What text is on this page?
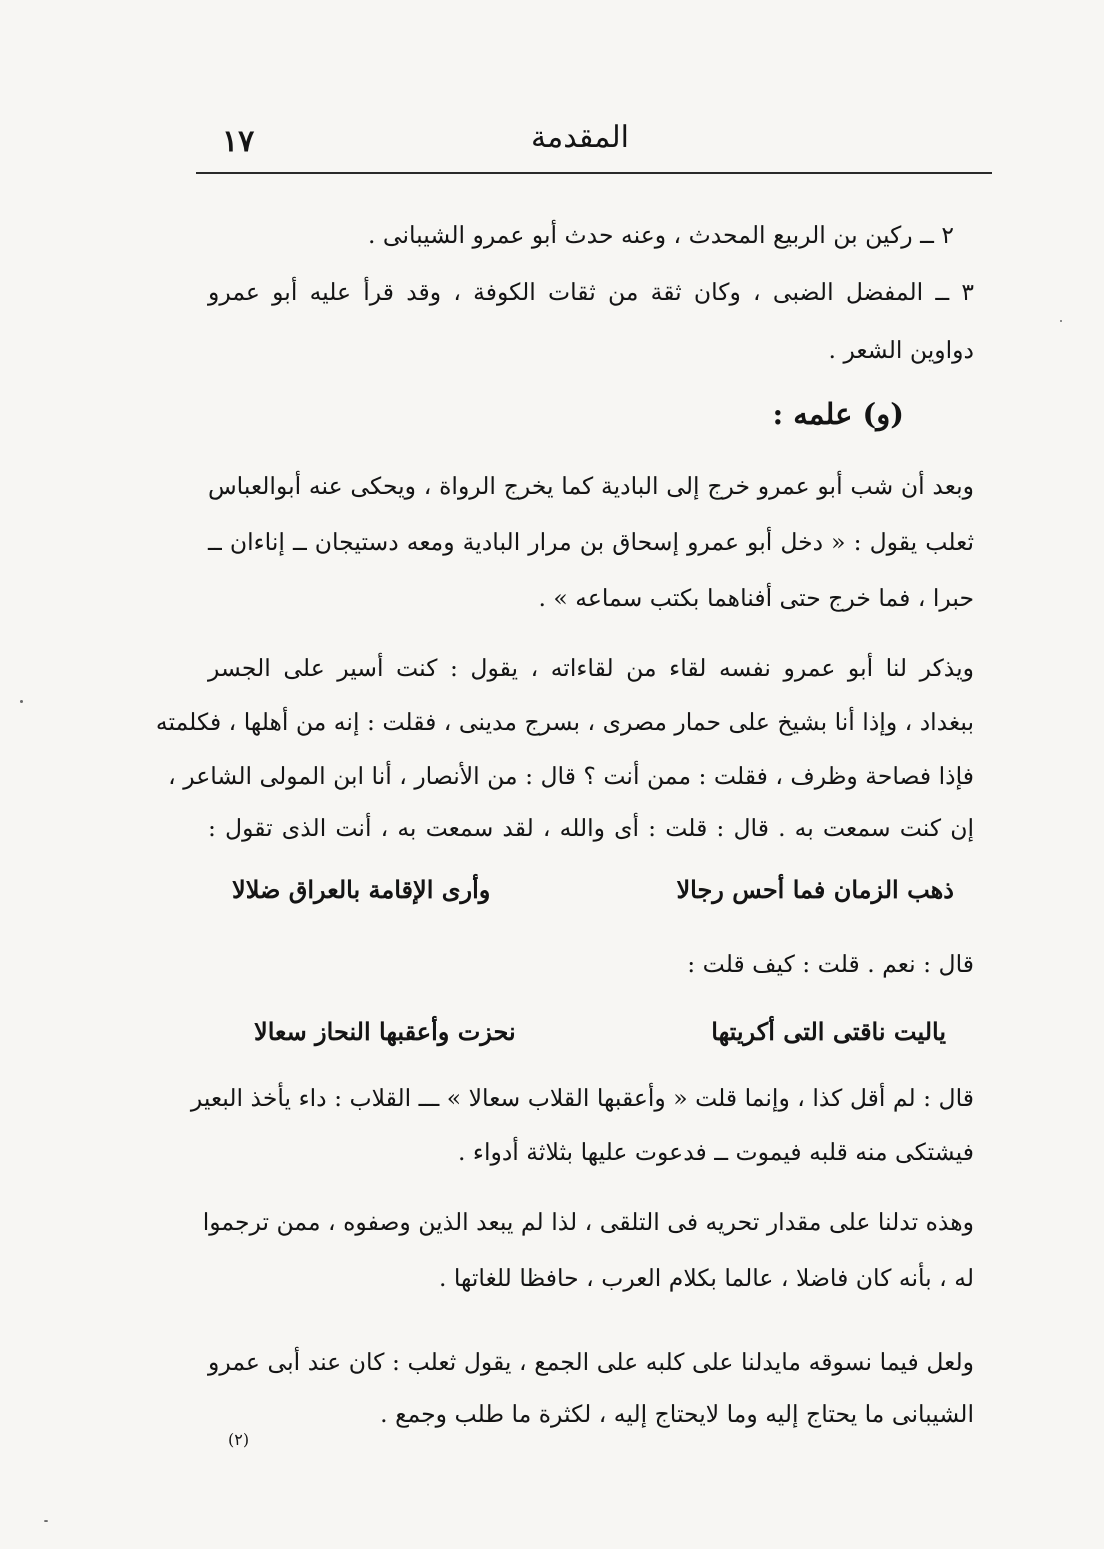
١٧	المقدمة
٢ ــ ركين بن الربيع المحدث ، وعنه حدث أبو عمرو الشيبانى .
٣ ــ المفضل الضبى ، وكان ثقة من ثقات الكوفة ، وقد قرأ عليه أبو عمرو
دواوين الشعر .
(و) علمه :
وبعد أن شب أبو عمرو خرج إلى البادية كما يخرج الرواة ، ويحكى عنه أبوالعباس
ثعلب يقول : « دخل أبو عمرو إسحاق بن مرار البادية ومعه دستيجان ــ إناءان ــ
حبرا ، فما خرج حتى أفناهما بكتب سماعه » .
ويذكر لنا أبو عمرو نفسه لقاء من لقاءاته ، يقول : كنت أسير على الجسر
ببغداد ، وإذا أنا بشيخ على حمار مصرى ، بسرج مدينى ، فقلت : إنه من أهلها ، فكلمته
فإذا فصاحة وظرف ، فقلت : ممن أنت ؟ قال : من الأنصار ، أنا ابن المولى الشاعر ،
إن كنت سمعت به . قال : قلت : أى والله ، لقد سمعت به ، أنت الذى تقول :
ذهب الزمان فما أحس رجالا
وأرى الإقامة بالعراق ضلالا
قال : نعم . قلت : كيف قلت :
ياليت ناقتى التى أكريتها
نحزت وأعقبها النحاز سعالا
قال : لم أقل كذا ، وإنما قلت « وأعقبها القلاب سعالا » ـــ القلاب : داء يأخذ البعير
فيشتكى منه قلبه فيموت ــ فدعوت عليها بثلاثة أدواء .
وهذه تدلنا على مقدار تحريه فى التلقى ، لذا لم يبعد الذين وصفوه ، ممن ترجموا
له ، بأنه كان فاضلا ، عالما بكلام العرب ، حافظا للغاتها .
ولعل فيما نسوقه مايدلنا على كلبه على الجمع ، يقول ثعلب : كان عند أبى عمرو
الشيبانى ما يحتاج إليه وما لايحتاج إليه ، لكثرة ما طلب وجمع .
(٢)
